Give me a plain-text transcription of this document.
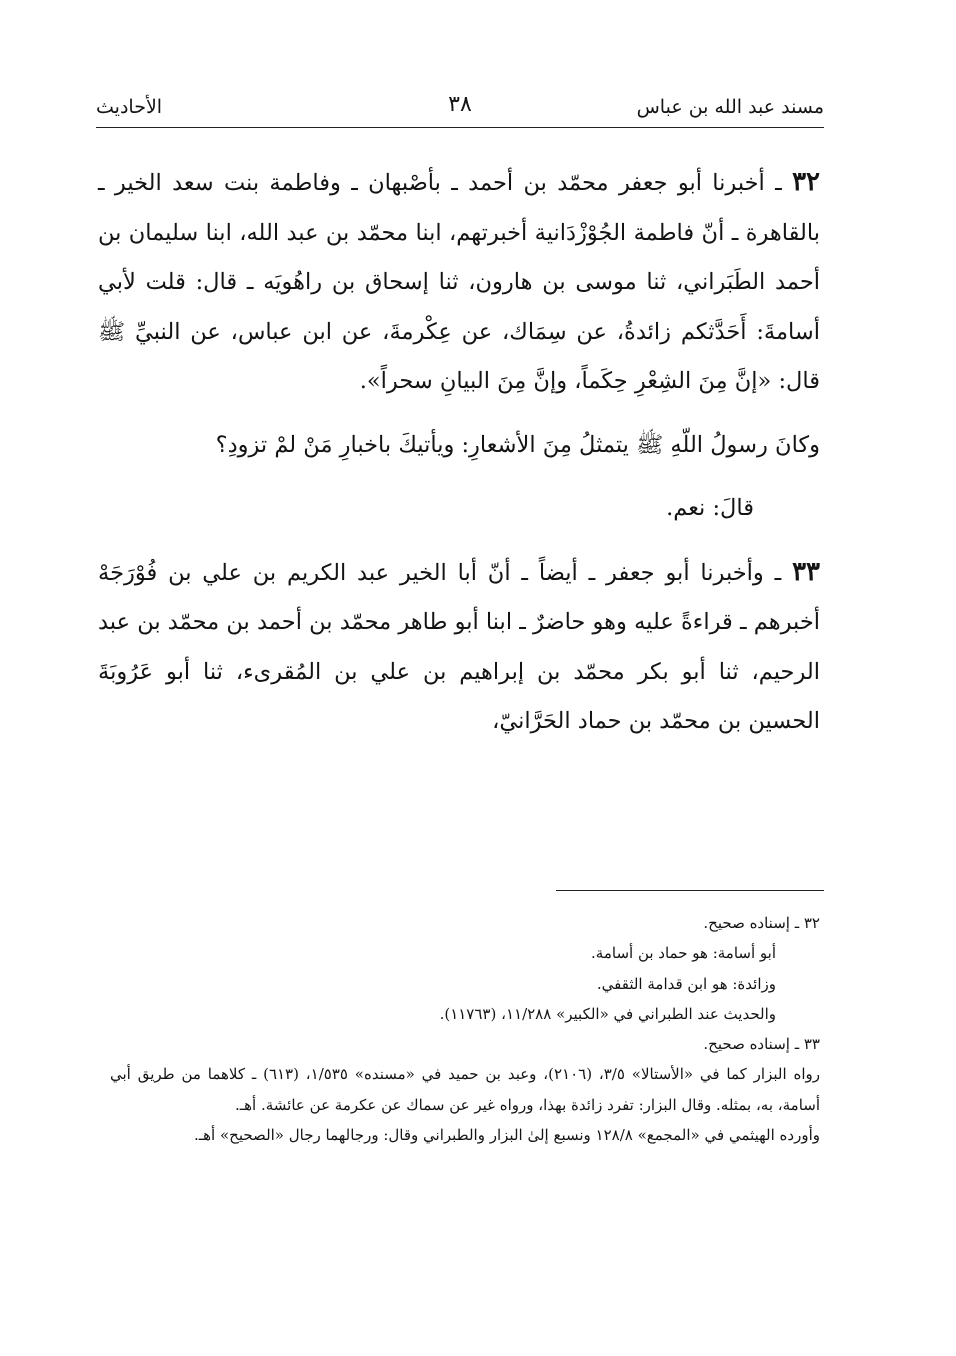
مسند عبد الله بن عباس
٣٨
الأحاديث

٣٢ ـ أخبرنا أبو جعفر محمّد بن أحمد ـ بأصْبهان ـ وفاطمة بنت سعد الخير ـ بالقاهرة ـ أنّ فاطمة الجُوْزْدَانية أخبرتهم، ابنا محمّد بن عبد الله، ابنا سليمان بن أحمد الطَبَراني، ثنا موسى بن هارون، ثنا إسحاق بن راهُويَه ـ قال: قلت لأبي أسامةَ: أَحَدَّثكم زائدةُ، عن سِمَاك، عن عِكْرمةَ، عن ابن عباس، عن النبيِّ ﷺ قال: «إنَّ مِنَ الشِعْرِ حِكَماً، وإنَّ مِنَ البيانِ سحراً».

وكانَ رسولُ اللّهِ ﷺ يتمثلُ مِنَ الأشعارِ: ويأتيكَ باخبارِ مَنْ لمْ تزودِ؟

قالَ: نعم.

٣٣ ـ وأخبرنا أبو جعفر ـ أيضاً ـ أنّ أبا الخير عبد الكريم بن علي بن فُوْرَجَهْ أخبرهم ـ قراءةً عليه وهو حاضرٌ ـ ابنا أبو طاهر محمّد بن أحمد بن محمّد بن عبد الرحيم، ثنا أبو بكر محمّد بن إبراهيم بن علي بن المُقرىء، ثنا أبو عَرُوبَةَ الحسين بن محمّد بن حماد الحَرَّانيّ،

٣٢ ـ إسناده صحيح.

أبو أسامة: هو حماد بن أسامة.

وزائدة: هو ابن قدامة الثقفي.

والحديث عند الطبراني في «الكبير» ١١/٢٨٨، (١١٧٦٣).

٣٣ ـ إسناده صحيح.

رواه البزار كما في «الأستالا» ٣/٥، (٢١٠٦)، وعبد بن حميد في «مسنده» ١/٥٣٥، (٦١٣) ـ كلاهما من طريق أبي أسامة، به، بمثله. وقال البزار: تفرد زائدة بهذا، ورواه غير عن سماك عن عكرمة عن عائشة. أهـ.

وأورده الهيثمي في «المجمع» ١٢٨/٨ ونسبع إلىٰ البزار والطبراني وقال: ورجالهما رجال «الصحيح» أهـ.
